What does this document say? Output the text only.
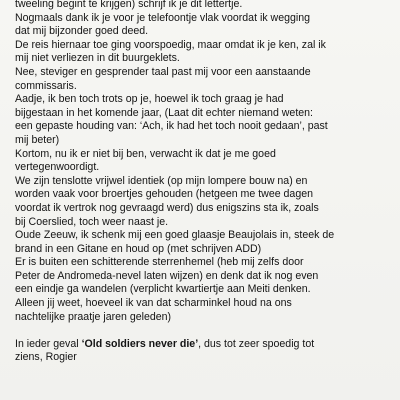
tweeling begint te krijgen) schrijf ik je dit lettertje.
Nogmaals dank ik je voor je telefoontje vlak voordat ik wegging
dat mij bijzonder goed deed.
De reis hiernaar toe ging voorspoedig, maar omdat ik je ken, zal ik
mij niet verliezen in dit buurgeklets.
Nee, steviger en gesprender taal past mij voor een aanstaande
commissaris.
Aadje, ik ben toch trots op je, hoewel ik toch graag je had
bijgestaan in het komende jaar, (Laat dit echter niemand weten:
een gepaste houding van: ‘Ach, ik had het toch nooit gedaan’, past
mij beter)
Kortom, nu ik er niet bij ben, verwacht ik dat je me goed
vertegenwoordigt.
We zijn tenslotte vrijwel identiek (op mijn lompere bouw na) en
worden vaak voor broertjes gehouden (hetgeen me twee dagen
voordat ik vertrok nog gevraagd werd) dus enigszins sta ik, zoals
bij Coerslied, toch weer naast je.
Oude Zeeuw, ik schenk mij een goed glaasje Beaujolais in, steek de
brand in een Gitane en houd op (met schrijven ADD)
Er is buiten een schitterende sterrenhemel (heb mij zelfs door
Peter de Andromeda-nevel laten wijzen) en denk dat ik nog even
een eindje ga wandelen (verplicht kwartiertje aan Meiti denken.
Alleen jij weet, hoeveel ik van dat scharminkel houd na ons
nachtelijke praatje jaren geleden)
In ieder geval ‘Old soldiers never die’, dus tot zeer spoedig tot
ziens, Rogier
